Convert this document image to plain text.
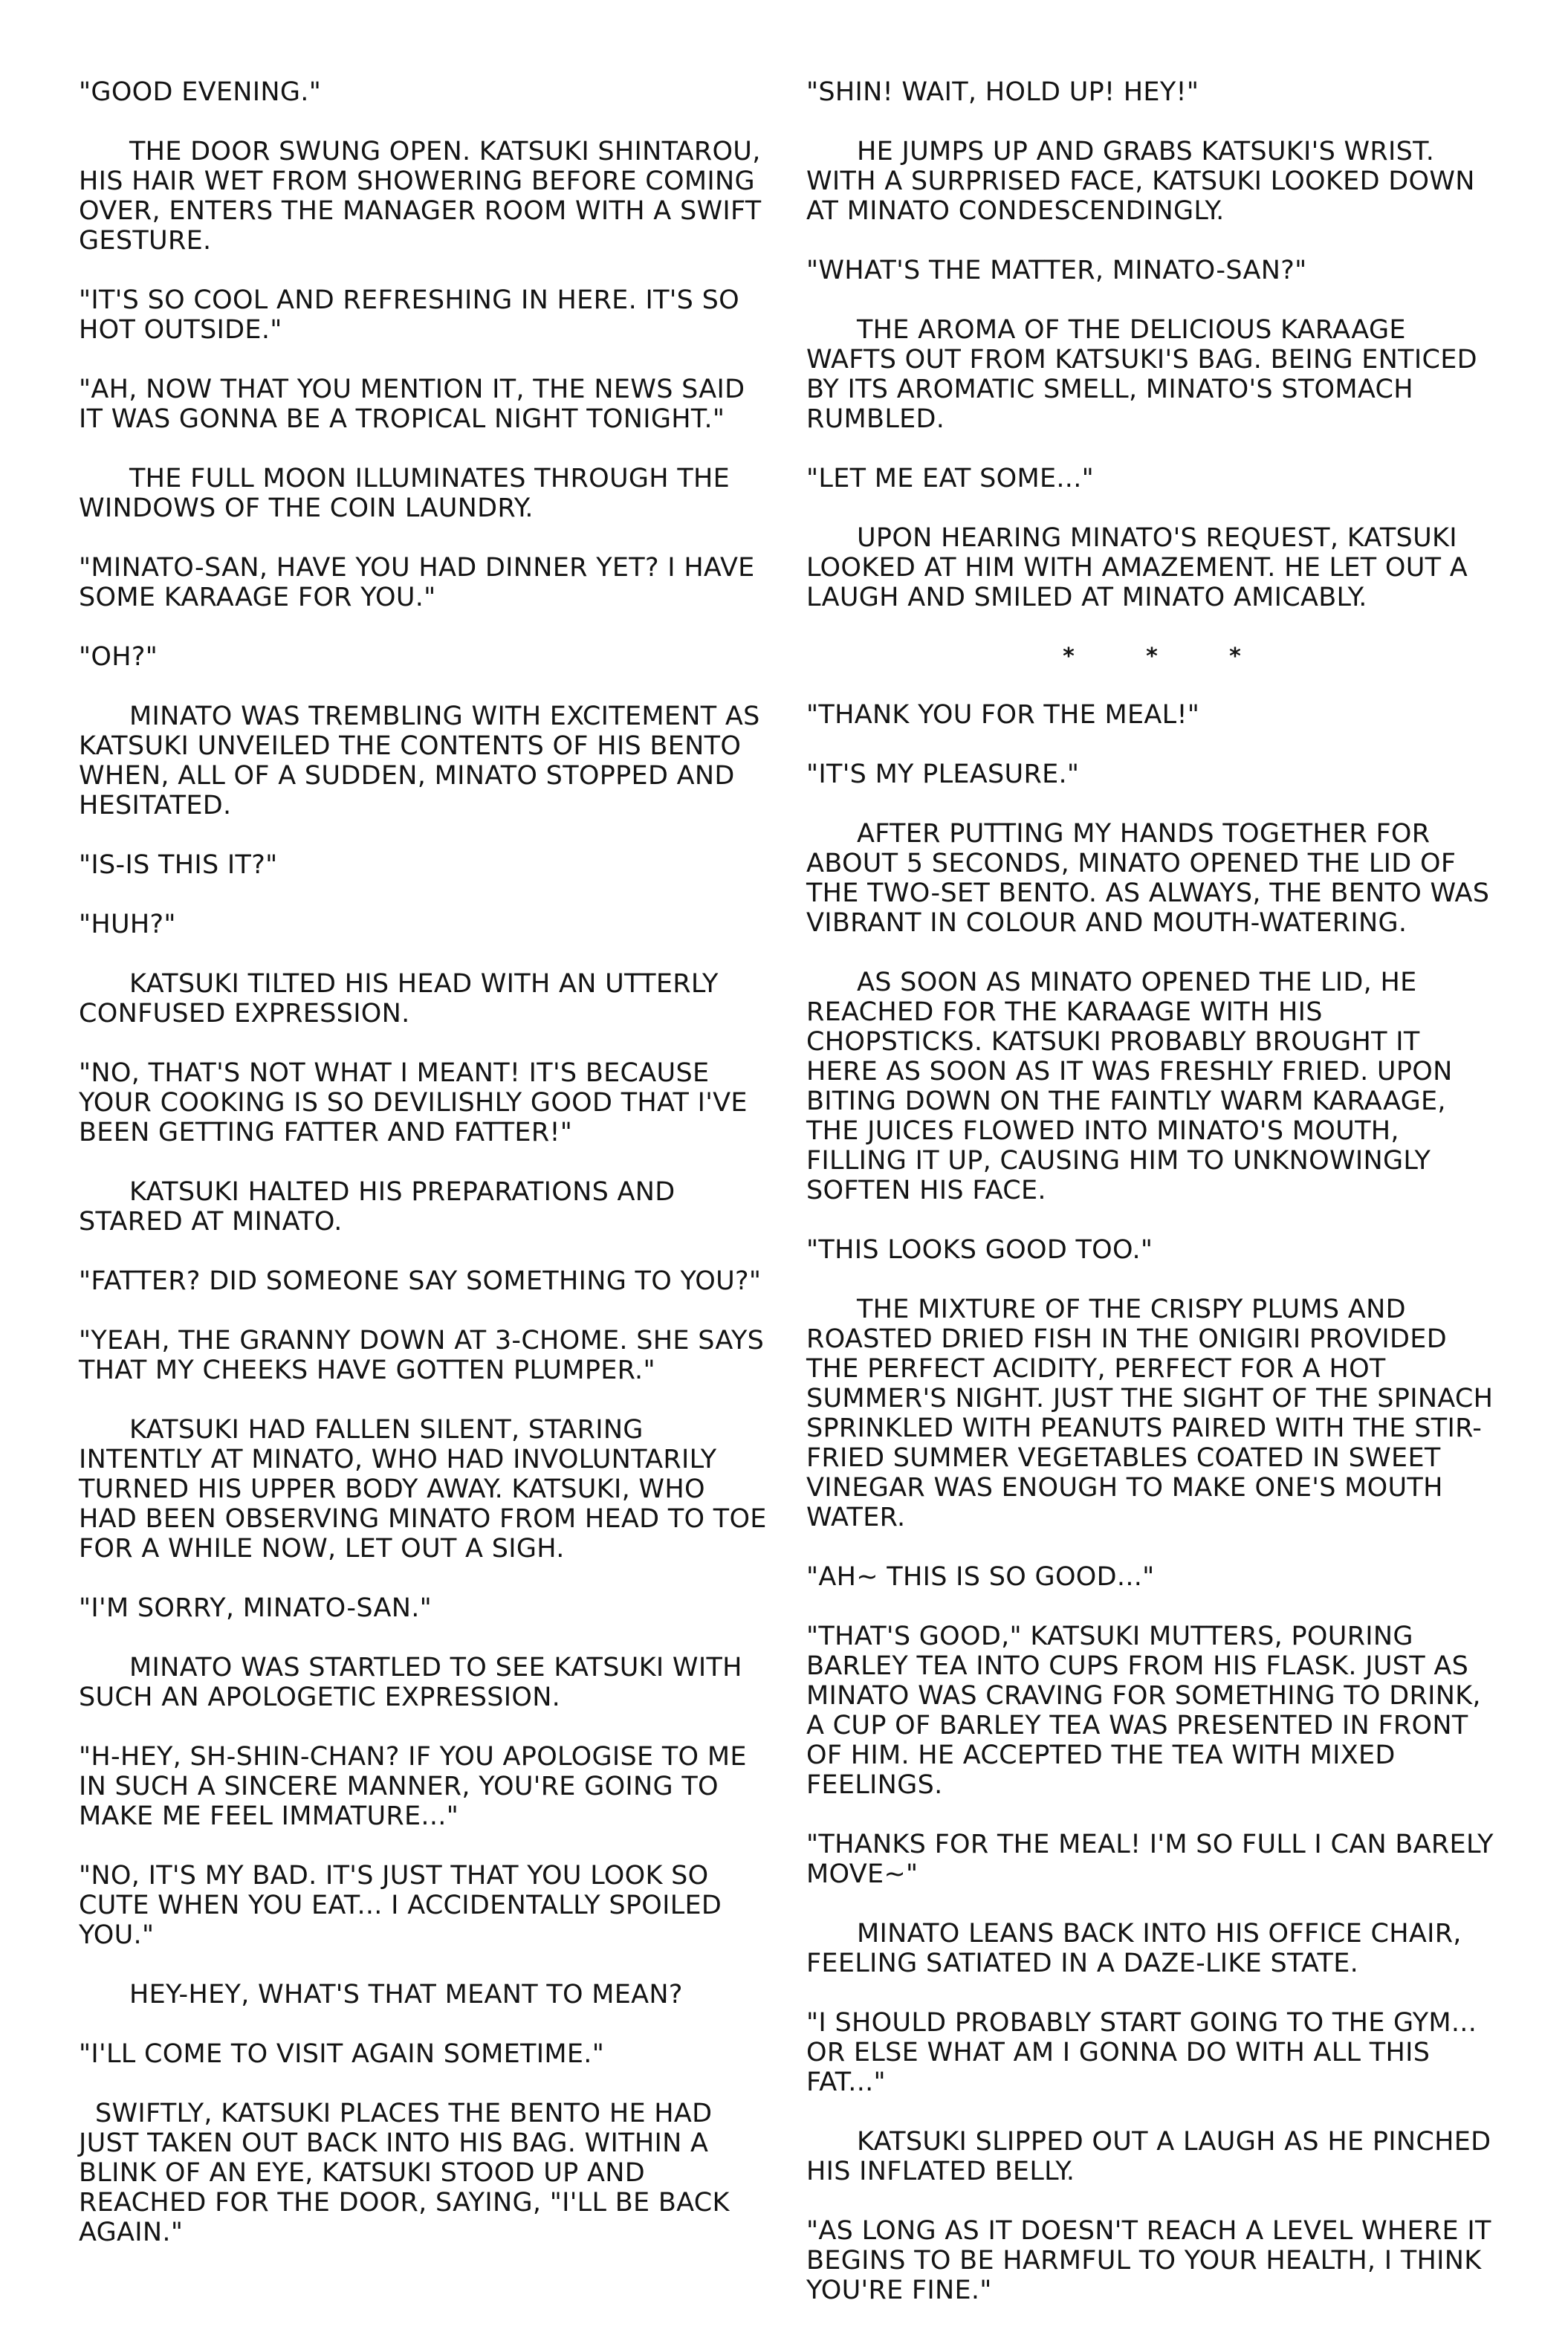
"GOOD EVENING."

THE DOOR SWUNG OPEN. KATSUKI SHINTAROU, HIS HAIR WET FROM SHOWERING BEFORE COMING OVER, ENTERS THE MANAGER ROOM WITH A SWIFT GESTURE.

"IT'S SO COOL AND REFRESHING IN HERE. IT'S SO HOT OUTSIDE."

"AH, NOW THAT YOU MENTION IT, THE NEWS SAID IT WAS GONNA BE A TROPICAL NIGHT TONIGHT."

THE FULL MOON ILLUMINATES THROUGH THE WINDOWS OF THE COIN LAUNDRY.

"MINATO-SAN, HAVE YOU HAD DINNER YET? I HAVE SOME KARAAGE FOR YOU."

"OH?"

MINATO WAS TREMBLING WITH EXCITEMENT AS KATSUKI UNVEILED THE CONTENTS OF HIS BENTO WHEN, ALL OF A SUDDEN, MINATO STOPPED AND HESITATED.

"IS-IS THIS IT?"

"HUH?"

KATSUKI TILTED HIS HEAD WITH AN UTTERLY CONFUSED EXPRESSION.

"NO, THAT'S NOT WHAT I MEANT! IT'S BECAUSE YOUR COOKING IS SO DEVILISHLY GOOD THAT I'VE BEEN GETTING FATTER AND FATTER!"

KATSUKI HALTED HIS PREPARATIONS AND STARED AT MINATO.

"FATTER? DID SOMEONE SAY SOMETHING TO YOU?"

"YEAH, THE GRANNY DOWN AT 3-CHOME. SHE SAYS THAT MY CHEEKS HAVE GOTTEN PLUMPER."

KATSUKI HAD FALLEN SILENT, STARING INTENTLY AT MINATO, WHO HAD INVOLUNTARILY TURNED HIS UPPER BODY AWAY. KATSUKI, WHO HAD BEEN OBSERVING MINATO FROM HEAD TO TOE FOR A WHILE NOW, LET OUT A SIGH.

"I'M SORRY, MINATO-SAN."

MINATO WAS STARTLED TO SEE KATSUKI WITH SUCH AN APOLOGETIC EXPRESSION.

"H-HEY, SH-SHIN-CHAN? IF YOU APOLOGISE TO ME IN SUCH A SINCERE MANNER, YOU'RE GOING TO MAKE ME FEEL IMMATURE..."

"NO, IT'S MY BAD. IT'S JUST THAT YOU LOOK SO CUTE WHEN YOU EAT... I ACCIDENTALLY SPOILED YOU."

HEY-HEY, WHAT'S THAT MEANT TO MEAN?

"I'LL COME TO VISIT AGAIN SOMETIME."

SWIFTLY, KATSUKI PLACES THE BENTO HE HAD JUST TAKEN OUT BACK INTO HIS BAG. WITHIN A BLINK OF AN EYE, KATSUKI STOOD UP AND REACHED FOR THE DOOR, SAYING, "I'LL BE BACK AGAIN."

"SHIN! WAIT, HOLD UP! HEY!"

HE JUMPS UP AND GRABS KATSUKI'S WRIST. WITH A SURPRISED FACE, KATSUKI LOOKED DOWN AT MINATO CONDESCENDINGLY.

"WHAT'S THE MATTER, MINATO-SAN?"

THE AROMA OF THE DELICIOUS KARAAGE WAFTS OUT FROM KATSUKI'S BAG. BEING ENTICED BY ITS AROMATIC SMELL, MINATO'S STOMACH RUMBLED.

"LET ME EAT SOME..."

UPON HEARING MINATO'S REQUEST, KATSUKI LOOKED AT HIM WITH AMAZEMENT. HE LET OUT A LAUGH AND SMILED AT MINATO AMICABLY.

*	*	*

"THANK YOU FOR THE MEAL!"

"IT'S MY PLEASURE."

AFTER PUTTING MY HANDS TOGETHER FOR ABOUT 5 SECONDS, MINATO OPENED THE LID OF THE TWO-SET BENTO. AS ALWAYS, THE BENTO WAS VIBRANT IN COLOUR AND MOUTH-WATERING.

AS SOON AS MINATO OPENED THE LID, HE REACHED FOR THE KARAAGE WITH HIS CHOPSTICKS. KATSUKI PROBABLY BROUGHT IT HERE AS SOON AS IT WAS FRESHLY FRIED. UPON BITING DOWN ON THE FAINTLY WARM KARAAGE, THE JUICES FLOWED INTO MINATO'S MOUTH, FILLING IT UP, CAUSING HIM TO UNKNOWINGLY SOFTEN HIS FACE.

"THIS LOOKS GOOD TOO."

THE MIXTURE OF THE CRISPY PLUMS AND ROASTED DRIED FISH IN THE ONIGIRI PROVIDED THE PERFECT ACIDITY, PERFECT FOR A HOT SUMMER'S NIGHT. JUST THE SIGHT OF THE SPINACH SPRINKLED WITH PEANUTS PAIRED WITH THE STIR-FRIED SUMMER VEGETABLES COATED IN SWEET VINEGAR WAS ENOUGH TO MAKE ONE'S MOUTH WATER.

"AH~ THIS IS SO GOOD..."

"THAT'S GOOD," KATSUKI MUTTERS, POURING BARLEY TEA INTO CUPS FROM HIS FLASK. JUST AS MINATO WAS CRAVING FOR SOMETHING TO DRINK, A CUP OF BARLEY TEA WAS PRESENTED IN FRONT OF HIM. HE ACCEPTED THE TEA WITH MIXED FEELINGS.

"THANKS FOR THE MEAL! I'M SO FULL I CAN BARELY MOVE~"

MINATO LEANS BACK INTO HIS OFFICE CHAIR, FEELING SATIATED IN A DAZE-LIKE STATE.

"I SHOULD PROBABLY START GOING TO THE GYM... OR ELSE WHAT AM I GONNA DO WITH ALL THIS FAT..."

KATSUKI SLIPPED OUT A LAUGH AS HE PINCHED HIS INFLATED BELLY.

"AS LONG AS IT DOESN'T REACH A LEVEL WHERE IT BEGINS TO BE HARMFUL TO YOUR HEALTH, I THINK YOU'RE FINE."
